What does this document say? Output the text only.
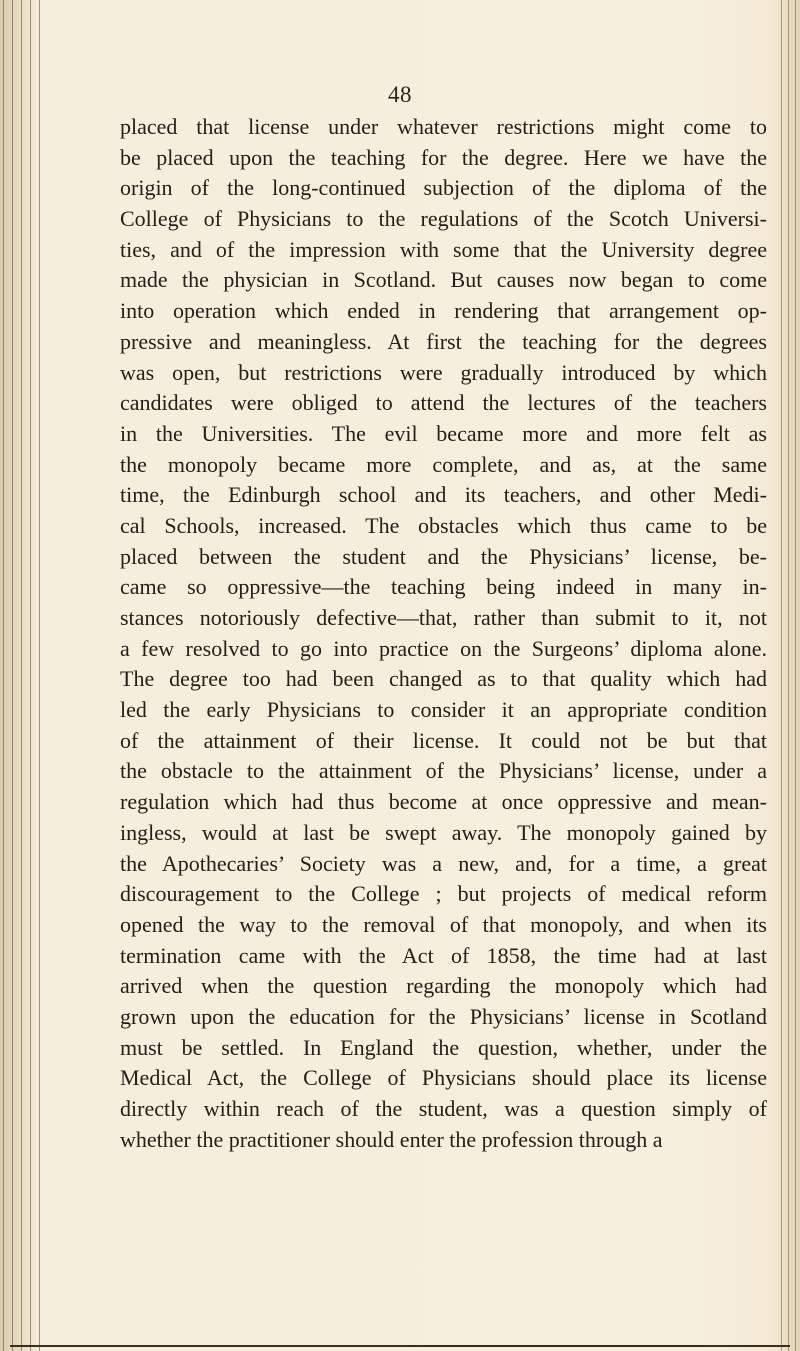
48
placed that license under whatever restrictions might come to
be placed upon the teaching for the degree. Here we have the
origin of the long-continued subjection of the diploma of the
College of Physicians to the regulations of the Scotch Universi-
ties, and of the impression with some that the University degree
made the physician in Scotland. But causes now began to come
into operation which ended in rendering that arrangement op-
pressive and meaningless. At first the teaching for the degrees
was open, but restrictions were gradually introduced by which
candidates were obliged to attend the lectures of the teachers
in the Universities. The evil became more and more felt as
the monopoly became more complete, and as, at the same
time, the Edinburgh school and its teachers, and other Medi-
cal Schools, increased. The obstacles which thus came to be
placed between the student and the Physicians’ license, be-
came so oppressive—the teaching being indeed in many in-
stances notoriously defective—that, rather than submit to it, not
a few resolved to go into practice on the Surgeons’ diploma alone.
The degree too had been changed as to that quality which had
led the early Physicians to consider it an appropriate condition
of the attainment of their license. It could not be but that
the obstacle to the attainment of the Physicians’ license, under a
regulation which had thus become at once oppressive and mean-
ingless, would at last be swept away. The monopoly gained by
the Apothecaries’ Society was a new, and, for a time, a great
discouragement to the College ; but projects of medical reform
opened the way to the removal of that monopoly, and when its
termination came with the Act of 1858, the time had at last
arrived when the question regarding the monopoly which had
grown upon the education for the Physicians’ license in Scotland
must be settled. In England the question, whether, under the
Medical Act, the College of Physicians should place its license
directly within reach of the student, was a question simply of
whether the practitioner should enter the profession through a
